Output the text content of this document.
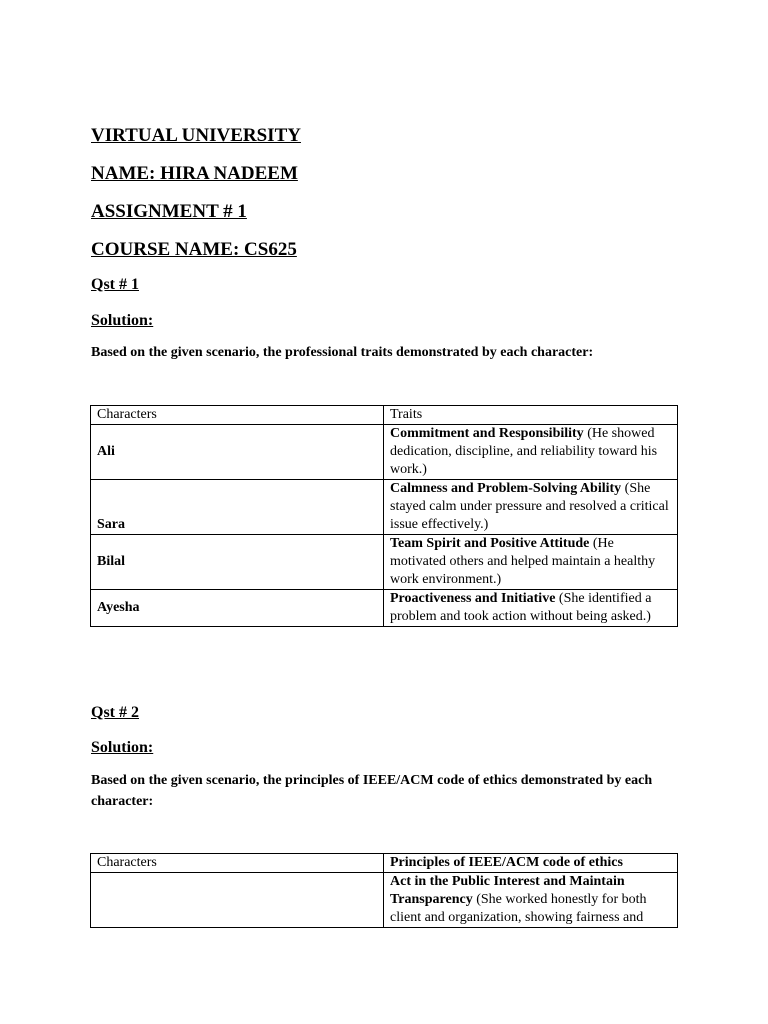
VIRTUAL UNIVERSITY

NAME: HIRA NADEEM

ASSIGNMENT # 1

COURSE NAME: CS625

Qst # 1

Solution:

Based on the given scenario, the professional traits demonstrated by each character:

Characters	Traits
Ali	Commitment and Responsibility (He showed dedication, discipline, and reliability toward his work.)
Sara	Calmness and Problem-Solving Ability (She stayed calm under pressure and resolved a critical issue effectively.)
Bilal	Team Spirit and Positive Attitude (He motivated others and helped maintain a healthy work environment.)
Ayesha	Proactiveness and Initiative (She identified a problem and took action without being asked.)

Qst # 2

Solution:

Based on the given scenario, the principles of IEEE/ACM code of ethics demonstrated by each character:

Characters	Principles of IEEE/ACM code of ethics
	Act in the Public Interest and Maintain Transparency (She worked honestly for both client and organization, showing fairness and
